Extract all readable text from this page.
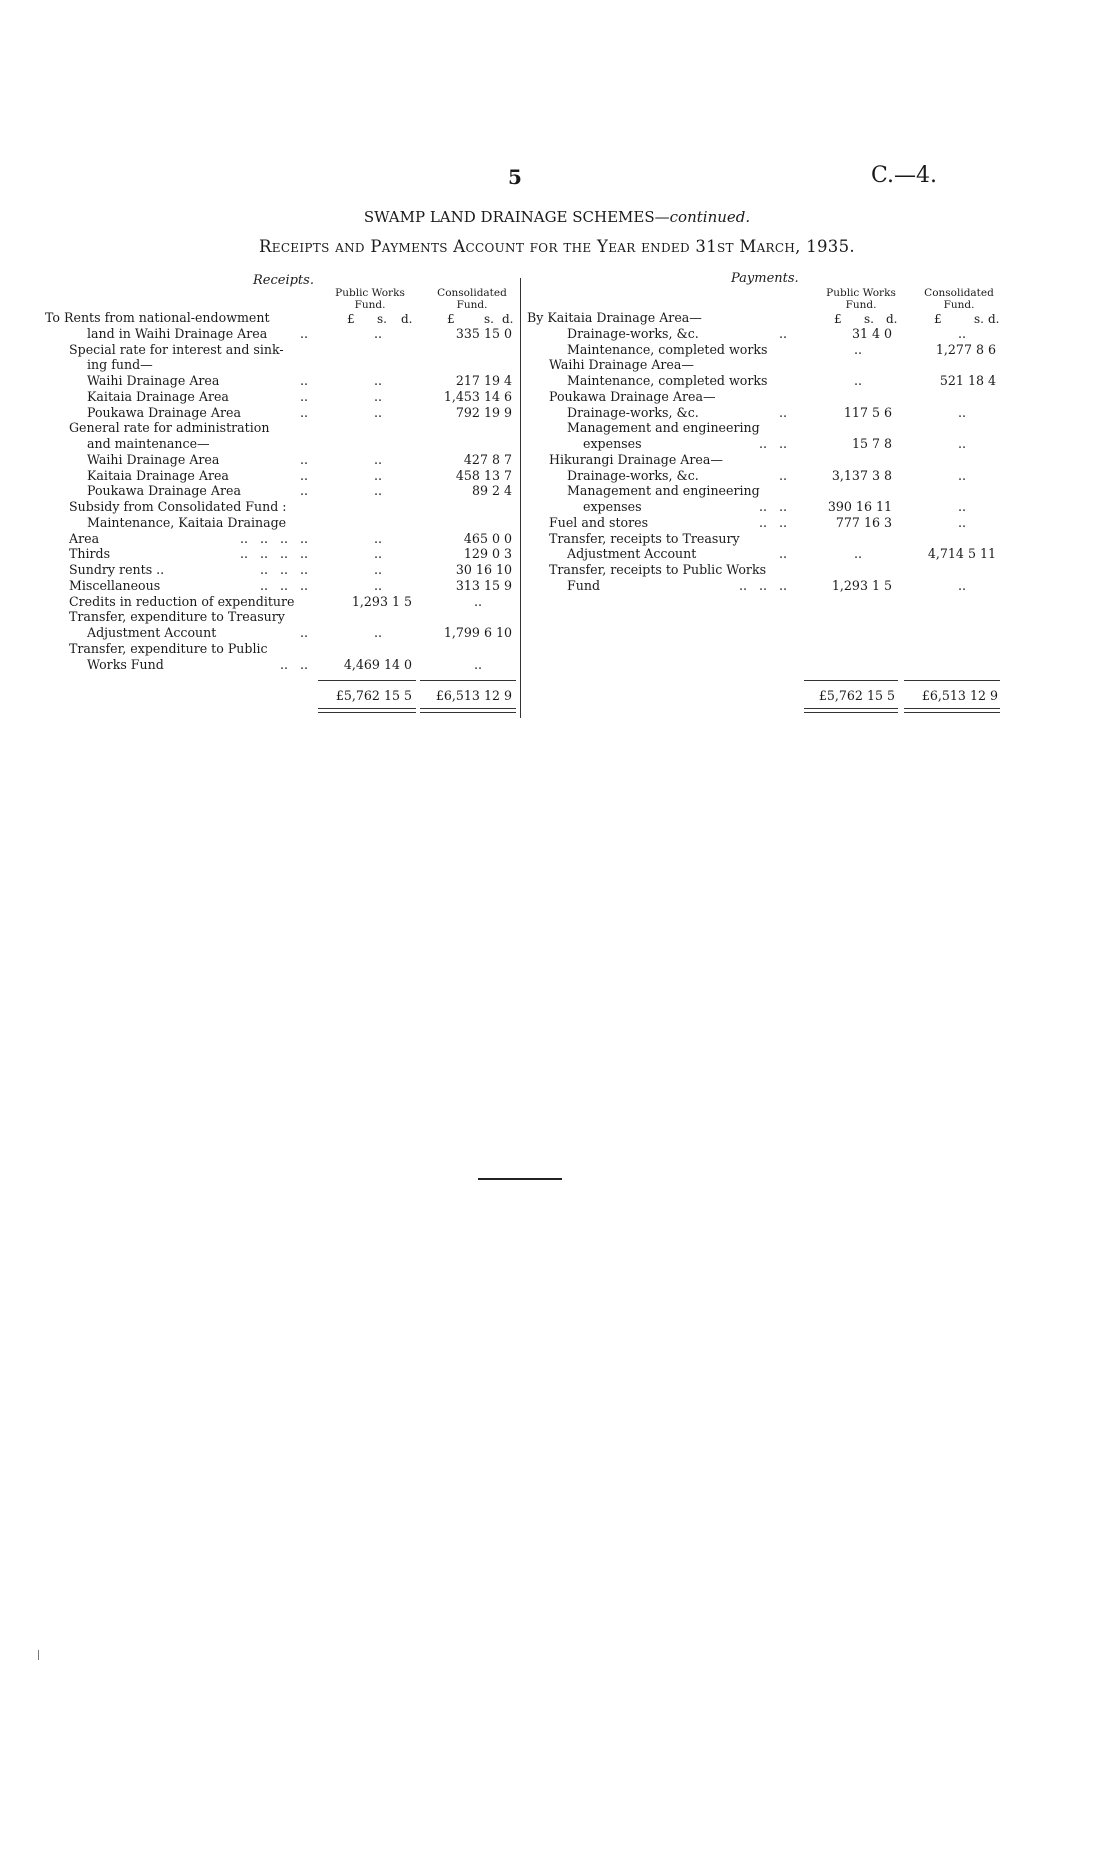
5	C.—4.
SWAMP LAND DRAINAGE SCHEMES—continued.
Receipts and Payments Account for the Year ended 31st March, 1935.
Receipts.
Public Works Fund.
Consolidated Fund.
£ s. d.	£ s. d.
To Rents from national-endowment
land in Waihi Drainage Area	..	..	335 15 0
Special rate for interest and sink-
ing fund—
Waihi Drainage Area	..	..	217 19 4
Kaitaia Drainage Area	..	..	1,453 14 6
Poukawa Drainage Area	..	..	792 19 9
General rate for administration
and maintenance—
Waihi Drainage Area	..	..	427 8 7
Kaitaia Drainage Area	..	..	458 13 7
Poukawa Drainage Area	..	..	89 2 4
Subsidy from Consolidated Fund :
Maintenance, Kaitaia Drainage
Area	..   ..   ..   ..	..	465 0 0
Thirds	..   ..   ..   ..	..	129 0 3
Sundry rents ..	..   ..   ..	..	30 16 10
Miscellaneous	..   ..   ..	..	313 15 9
Credits in reduction of expenditure	1,293 1 5	..
Transfer, expenditure to Treasury
Adjustment Account	..	..	1,799 6 10
Transfer, expenditure to Public
Works Fund	..   ..	4,469 14 0	..
£5,762 15 5	£6,513 12 9
Payments.
Public Works Fund.
Consolidated Fund.
£ s. d.	£	s. d.
By Kaitaia Drainage Area—
Drainage-works, &c.	..	31 4 0	..
Maintenance, completed works	..	1,277 8 6
Waihi Drainage Area—
Maintenance, completed works	..	521 18 4
Poukawa Drainage Area—
Drainage-works, &c.	..	117 5 6	..
Management and engineering
expenses	..   ..	15 7 8	..
Hikurangi Drainage Area—
Drainage-works, &c.	..	3,137 3 8	..
Management and engineering
expenses	..   ..	390 16 11	..
Fuel and stores	..   ..	777 16 3	..
Transfer, receipts to Treasury
Adjustment Account	..	..	4,714 5 11
Transfer, receipts to Public Works
Fund	..   ..   ..	1,293 1 5	..
£5,762 15 5	£6,513 12 9
